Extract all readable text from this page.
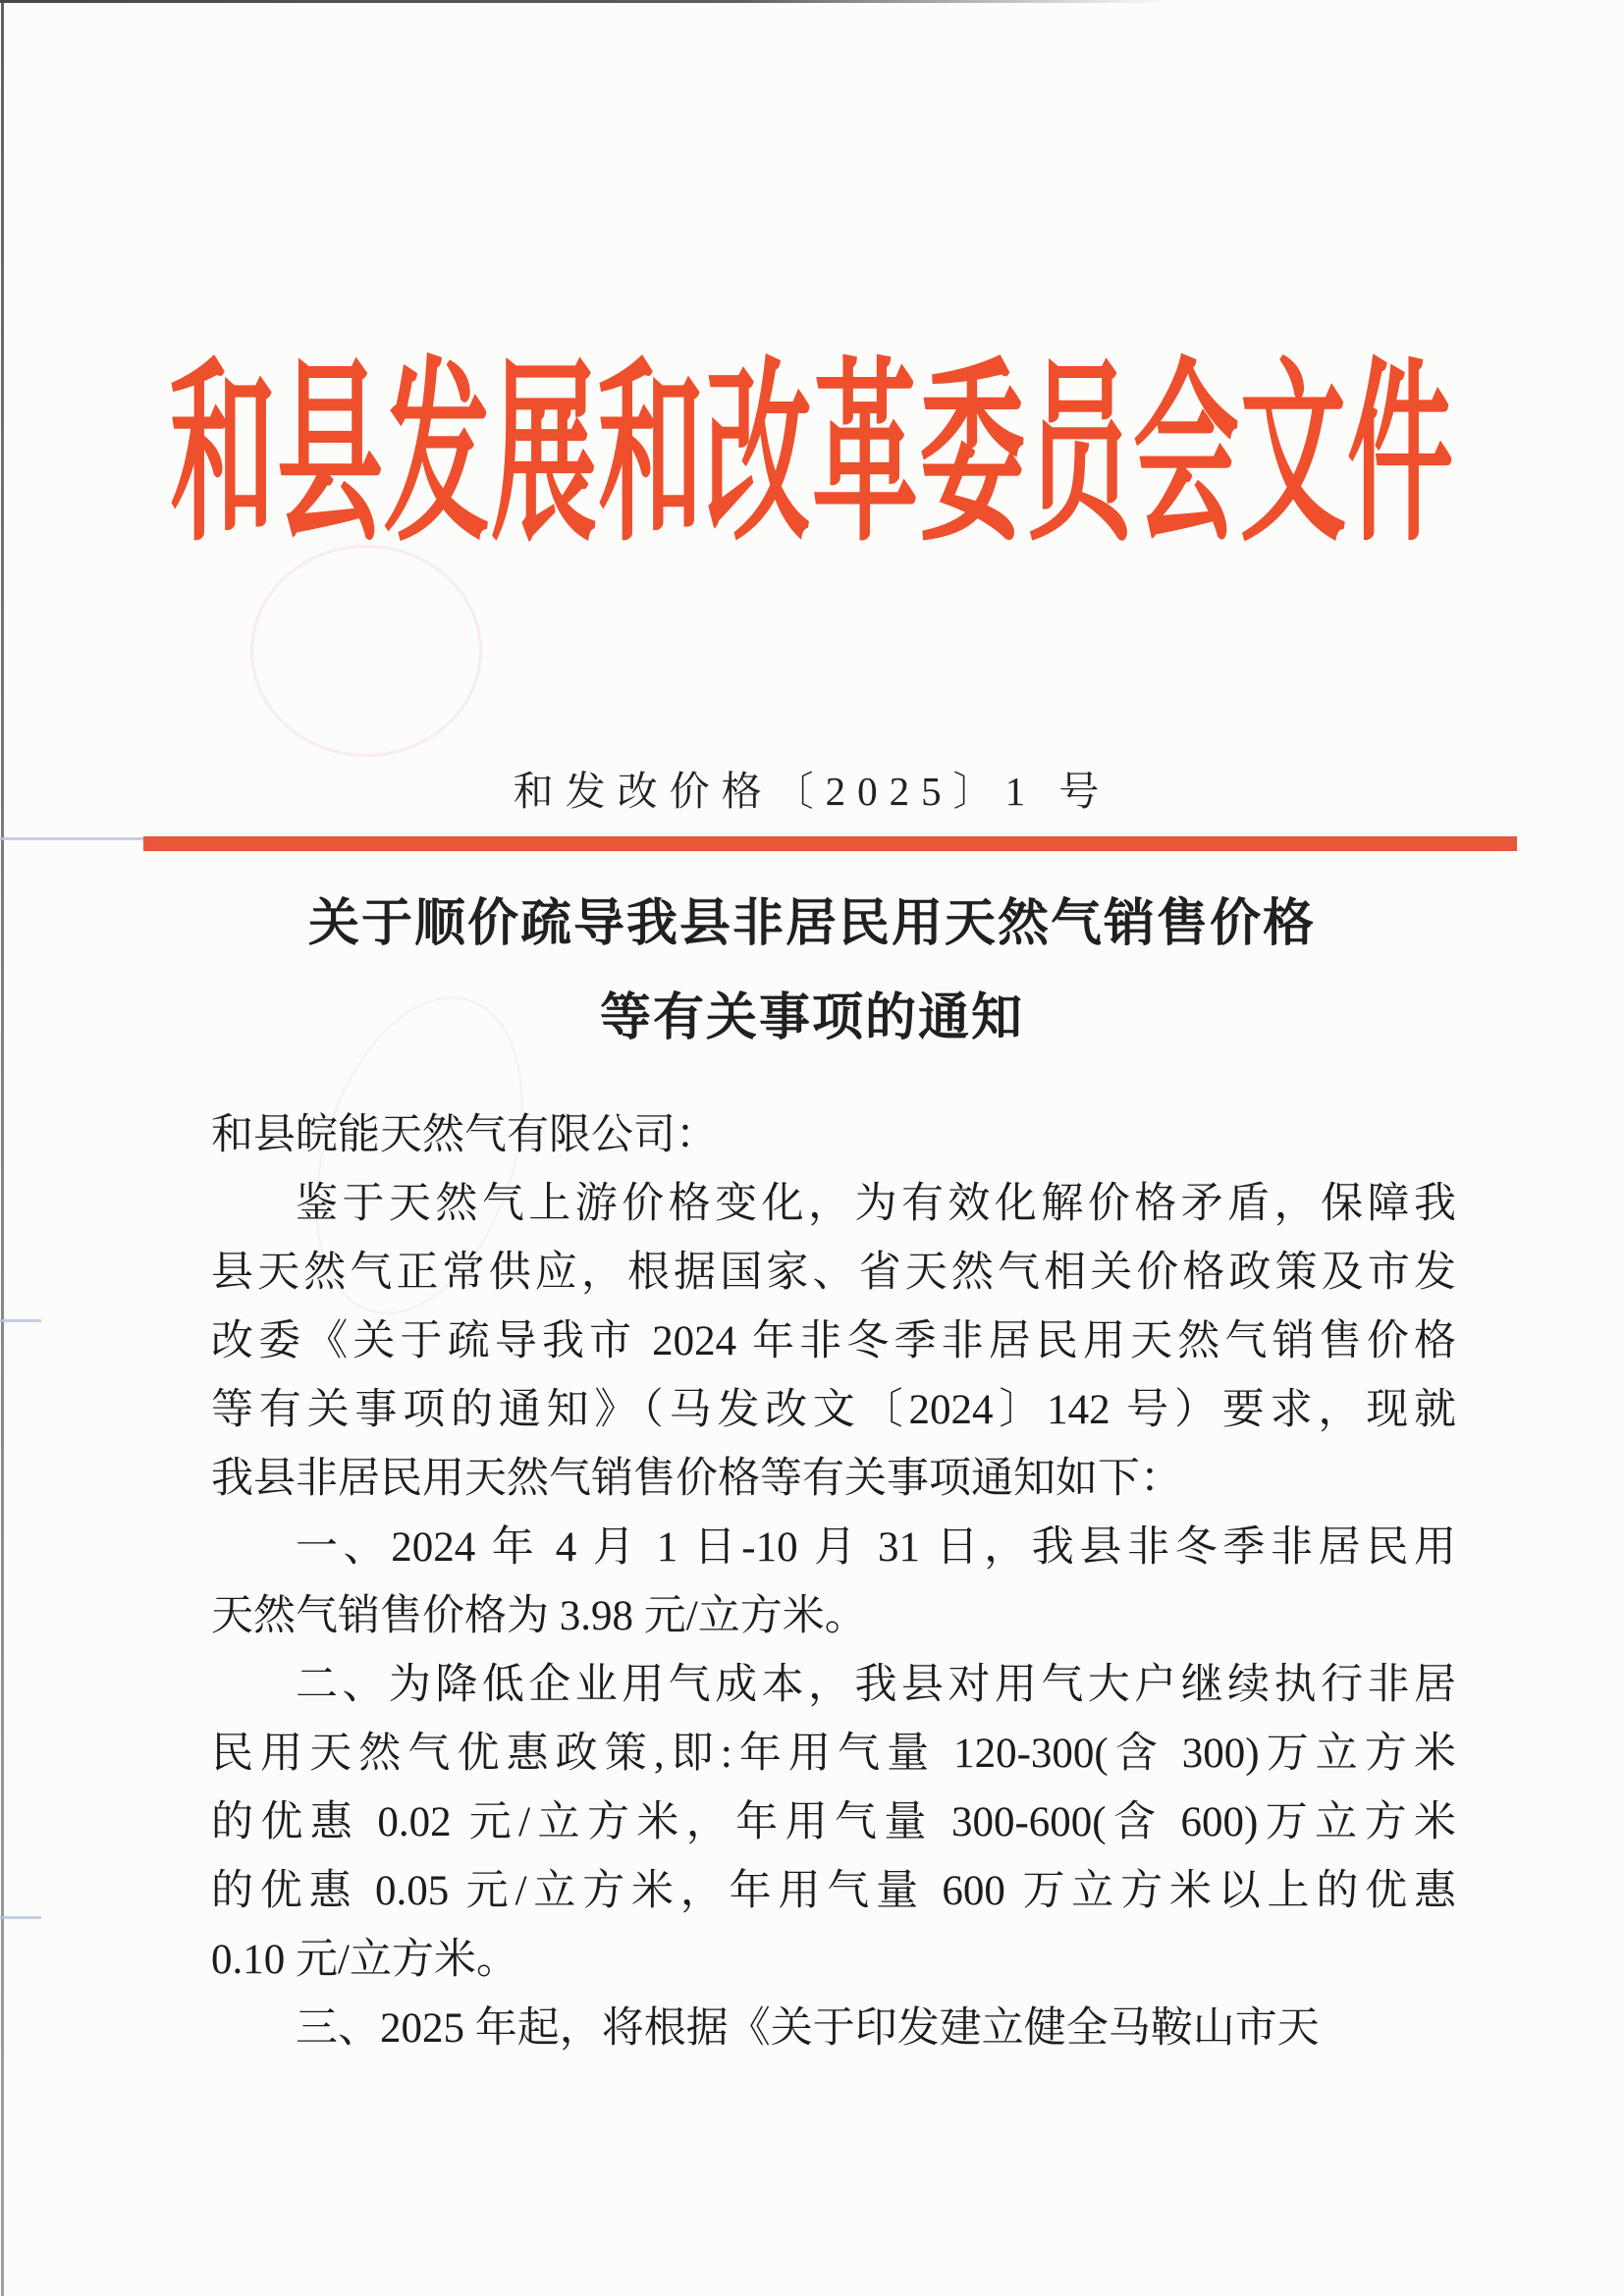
和县发展和改革委员会文件
和发改价格〔2025〕1 号
关于顺价疏导我县非居民用天然气销售价格
等有关事项的通知
和县皖能天然气有限公司：
鉴于天然气上游价格变化，为有效化解价格矛盾，保障我
县天然气正常供应，根据国家、省天然气相关价格政策及市发
改委《关于疏导我市 2024 年非冬季非居民用天然气销售价格
等有关事项的通知》（马发改文〔2024〕142 号）要求，现就
我县非居民用天然气销售价格等有关事项通知如下：
一、2024 年 4 月 1 日-10 月 31 日，我县非冬季非居民用
天然气销售价格为 3.98 元/立方米。
二、为降低企业用气成本，我县对用气大户继续执行非居
民用天然气优惠政策,即:年用气量 120-300(含 300)万立方米
的优惠 0.02 元/立方米，年用气量 300-600(含 600)万立方米
的优惠 0.05 元/立方米，年用气量 600 万立方米以上的优惠
0.10 元/立方米。
三、2025 年起，将根据《关于印发建立健全马鞍山市天
